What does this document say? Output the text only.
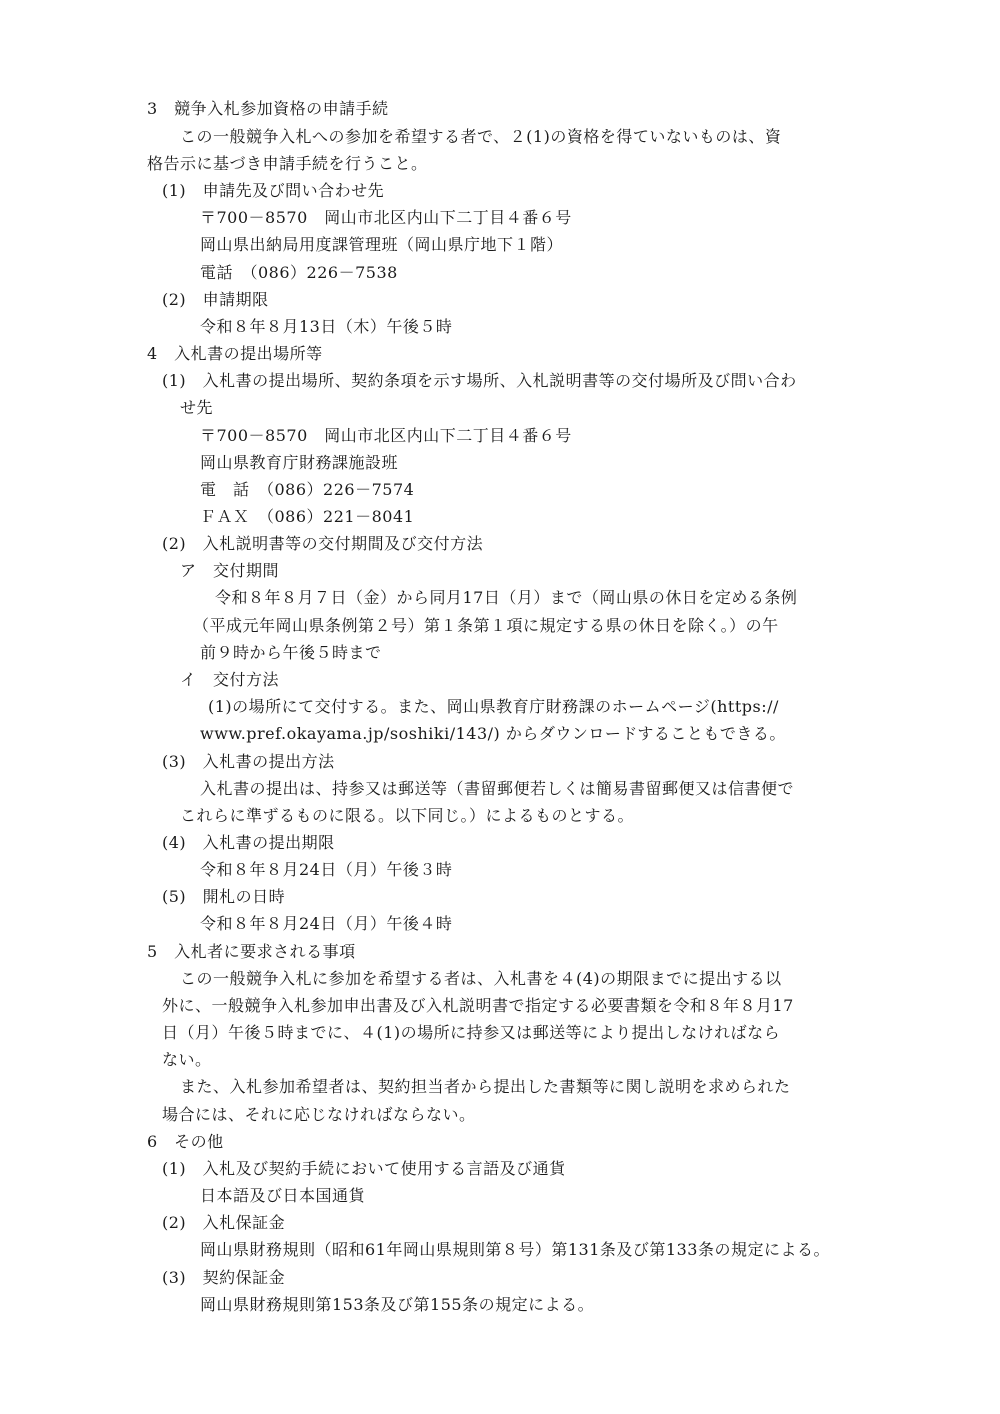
3　競争入札参加資格の申請手続
この一般競争入札への参加を希望する者で、２(1)の資格を得ていないものは、資
格告示に基づき申請手続を行うこと。
(1)　申請先及び問い合わせ先
〒700－8570　岡山市北区内山下二丁目４番６号
岡山県出納局用度課管理班（岡山県庁地下１階）
電話　（086）226－7538
(2)　申請期限
令和８年８月13日（木）午後５時
4　入札書の提出場所等
(1)　入札書の提出場所、契約条項を示す場所、入札説明書等の交付場所及び問い合わ
せ先
〒700－8570　岡山市北区内山下二丁目４番６号
岡山県教育庁財務課施設班
電　話　（086）226－7574
ＦＡＸ　（086）221－8041
(2)　入札説明書等の交付期間及び交付方法
ア　交付期間
令和８年８月７日（金）から同月17日（月）まで（岡山県の休日を定める条例
（平成元年岡山県条例第２号）第１条第１項に規定する県の休日を除く。）の午
前９時から午後５時まで
イ　交付方法
(1)の場所にて交付する。また、岡山県教育庁財務課のホームページ(https://
www.pref.okayama.jp/soshiki/143/) からダウンロードすることもできる。
(3)　入札書の提出方法
入札書の提出は、持参又は郵送等（書留郵便若しくは簡易書留郵便又は信書便で
これらに準ずるものに限る。以下同じ。）によるものとする。
(4)　入札書の提出期限
令和８年８月24日（月）午後３時
(5)　開札の日時
令和８年８月24日（月）午後４時
5　入札者に要求される事項
この一般競争入札に参加を希望する者は、入札書を４(4)の期限までに提出する以
外に、一般競争入札参加申出書及び入札説明書で指定する必要書類を令和８年８月17
日（月）午後５時までに、４(1)の場所に持参又は郵送等により提出しなければなら
ない。
また、入札参加希望者は、契約担当者から提出した書類等に関し説明を求められた
場合には、それに応じなければならない。
6　その他
(1)　入札及び契約手続において使用する言語及び通貨
日本語及び日本国通貨
(2)　入札保証金
岡山県財務規則（昭和61年岡山県規則第８号）第131条及び第133条の規定による。
(3)　契約保証金
岡山県財務規則第153条及び第155条の規定による。
